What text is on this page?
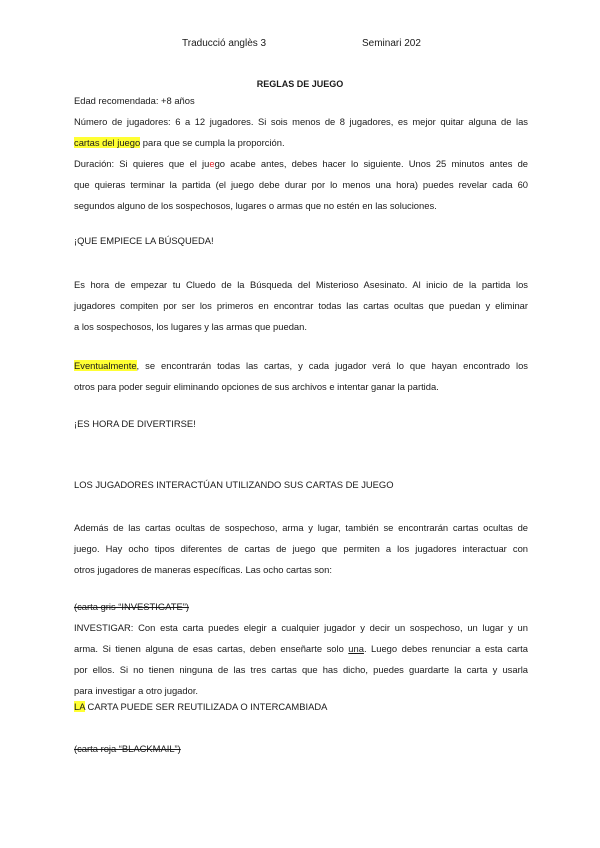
Traducció anglès 3	Seminari 202
REGLAS DE JUEGO
Edad recomendada: +8 años
Número de jugadores: 6 a 12 jugadores. Si sois menos de 8 jugadores, es mejor quitar alguna de las
cartas del juego para que se cumpla la proporción.
Duración: Si quieres que el juego acabe antes, debes hacer lo siguiente. Unos 25 minutos antes de
que quieras terminar la partida (el juego debe durar por lo menos una hora) puedes revelar cada 60
segundos alguno de los sospechosos, lugares o armas que no estén en las soluciones.
¡QUE EMPIECE LA BÚSQUEDA!
Es hora de empezar tu Cluedo de la Búsqueda del Misterioso Asesinato. Al inicio de la partida los
jugadores compiten por ser los primeros en encontrar todas las cartas ocultas que puedan y eliminar
a los sospechosos, los lugares y las armas que puedan.
Eventualmente, se encontrarán todas las cartas, y cada jugador verá lo que hayan encontrado los
otros para poder seguir eliminando opciones de sus archivos e intentar ganar la partida.
¡ES HORA DE DIVERTIRSE!
LOS JUGADORES INTERACTÚAN UTILIZANDO SUS CARTAS DE JUEGO
Además de las cartas ocultas de sospechoso, arma y lugar, también se encontrarán cartas ocultas de
juego. Hay ocho tipos diferentes de cartas de juego que permiten a los jugadores interactuar con
otros jugadores de maneras específicas. Las ocho cartas son:
(carta gris “INVESTIGATE”)
INVESTIGAR: Con esta carta puedes elegir a cualquier jugador y decir un sospechoso, un lugar y un
arma. Si tienen alguna de esas cartas, deben enseñarte solo una. Luego debes renunciar a esta carta
por ellos. Si no tienen ninguna de las tres cartas que has dicho, puedes guardarte la carta y usarla
para investigar a otro jugador.
LA CARTA PUEDE SER REUTILIZADA O INTERCAMBIADA
(carta roja “BLACKMAIL”)
